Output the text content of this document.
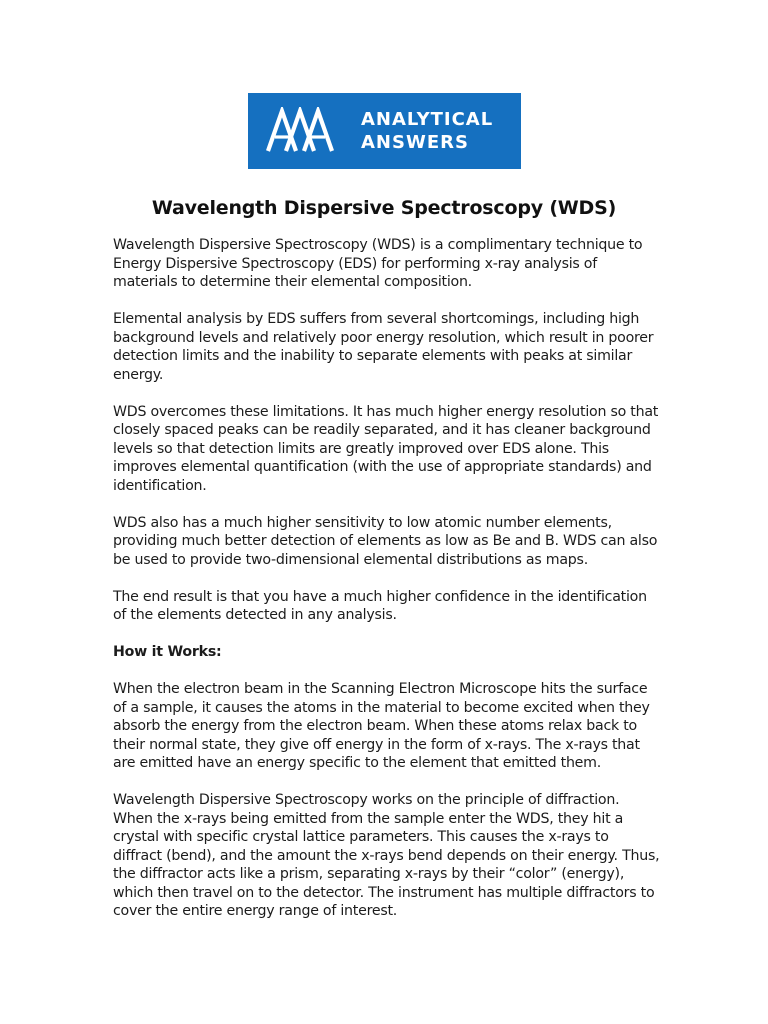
ANALYTICAL
ANSWERS
Wavelength Dispersive Spectroscopy (WDS)

Wavelength Dispersive Spectroscopy (WDS) is a complimentary technique to Energy Dispersive Spectroscopy (EDS) for performing x-ray analysis of materials to determine their elemental composition.

Elemental analysis by EDS suffers from several shortcomings, including high background levels and relatively poor energy resolution, which result in poorer detection limits and the inability to separate elements with peaks at similar energy.

WDS overcomes these limitations. It has much higher energy resolution so that closely spaced peaks can be readily separated, and it has cleaner background levels so that detection limits are greatly improved over EDS alone. This improves elemental quantification (with the use of appropriate standards) and identification.

WDS also has a much higher sensitivity to low atomic number elements, providing much better detection of elements as low as Be and B. WDS can also be used to provide two-dimensional elemental distributions as maps.

The end result is that you have a much higher confidence in the identification of the elements detected in any analysis.

How it Works:

When the electron beam in the Scanning Electron Microscope hits the surface of a sample, it causes the atoms in the material to become excited when they absorb the energy from the electron beam. When these atoms relax back to their normal state, they give off energy in the form of x-rays. The x-rays that are emitted have an energy specific to the element that emitted them.

Wavelength Dispersive Spectroscopy works on the principle of diffraction. When the x-rays being emitted from the sample enter the WDS, they hit a crystal with specific crystal lattice parameters. This causes the x-rays to diffract (bend), and the amount the x-rays bend depends on their energy. Thus, the diffractor acts like a prism, separating x-rays by their “color” (energy), which then travel on to the detector. The instrument has multiple diffractors to cover the entire energy range of interest.
